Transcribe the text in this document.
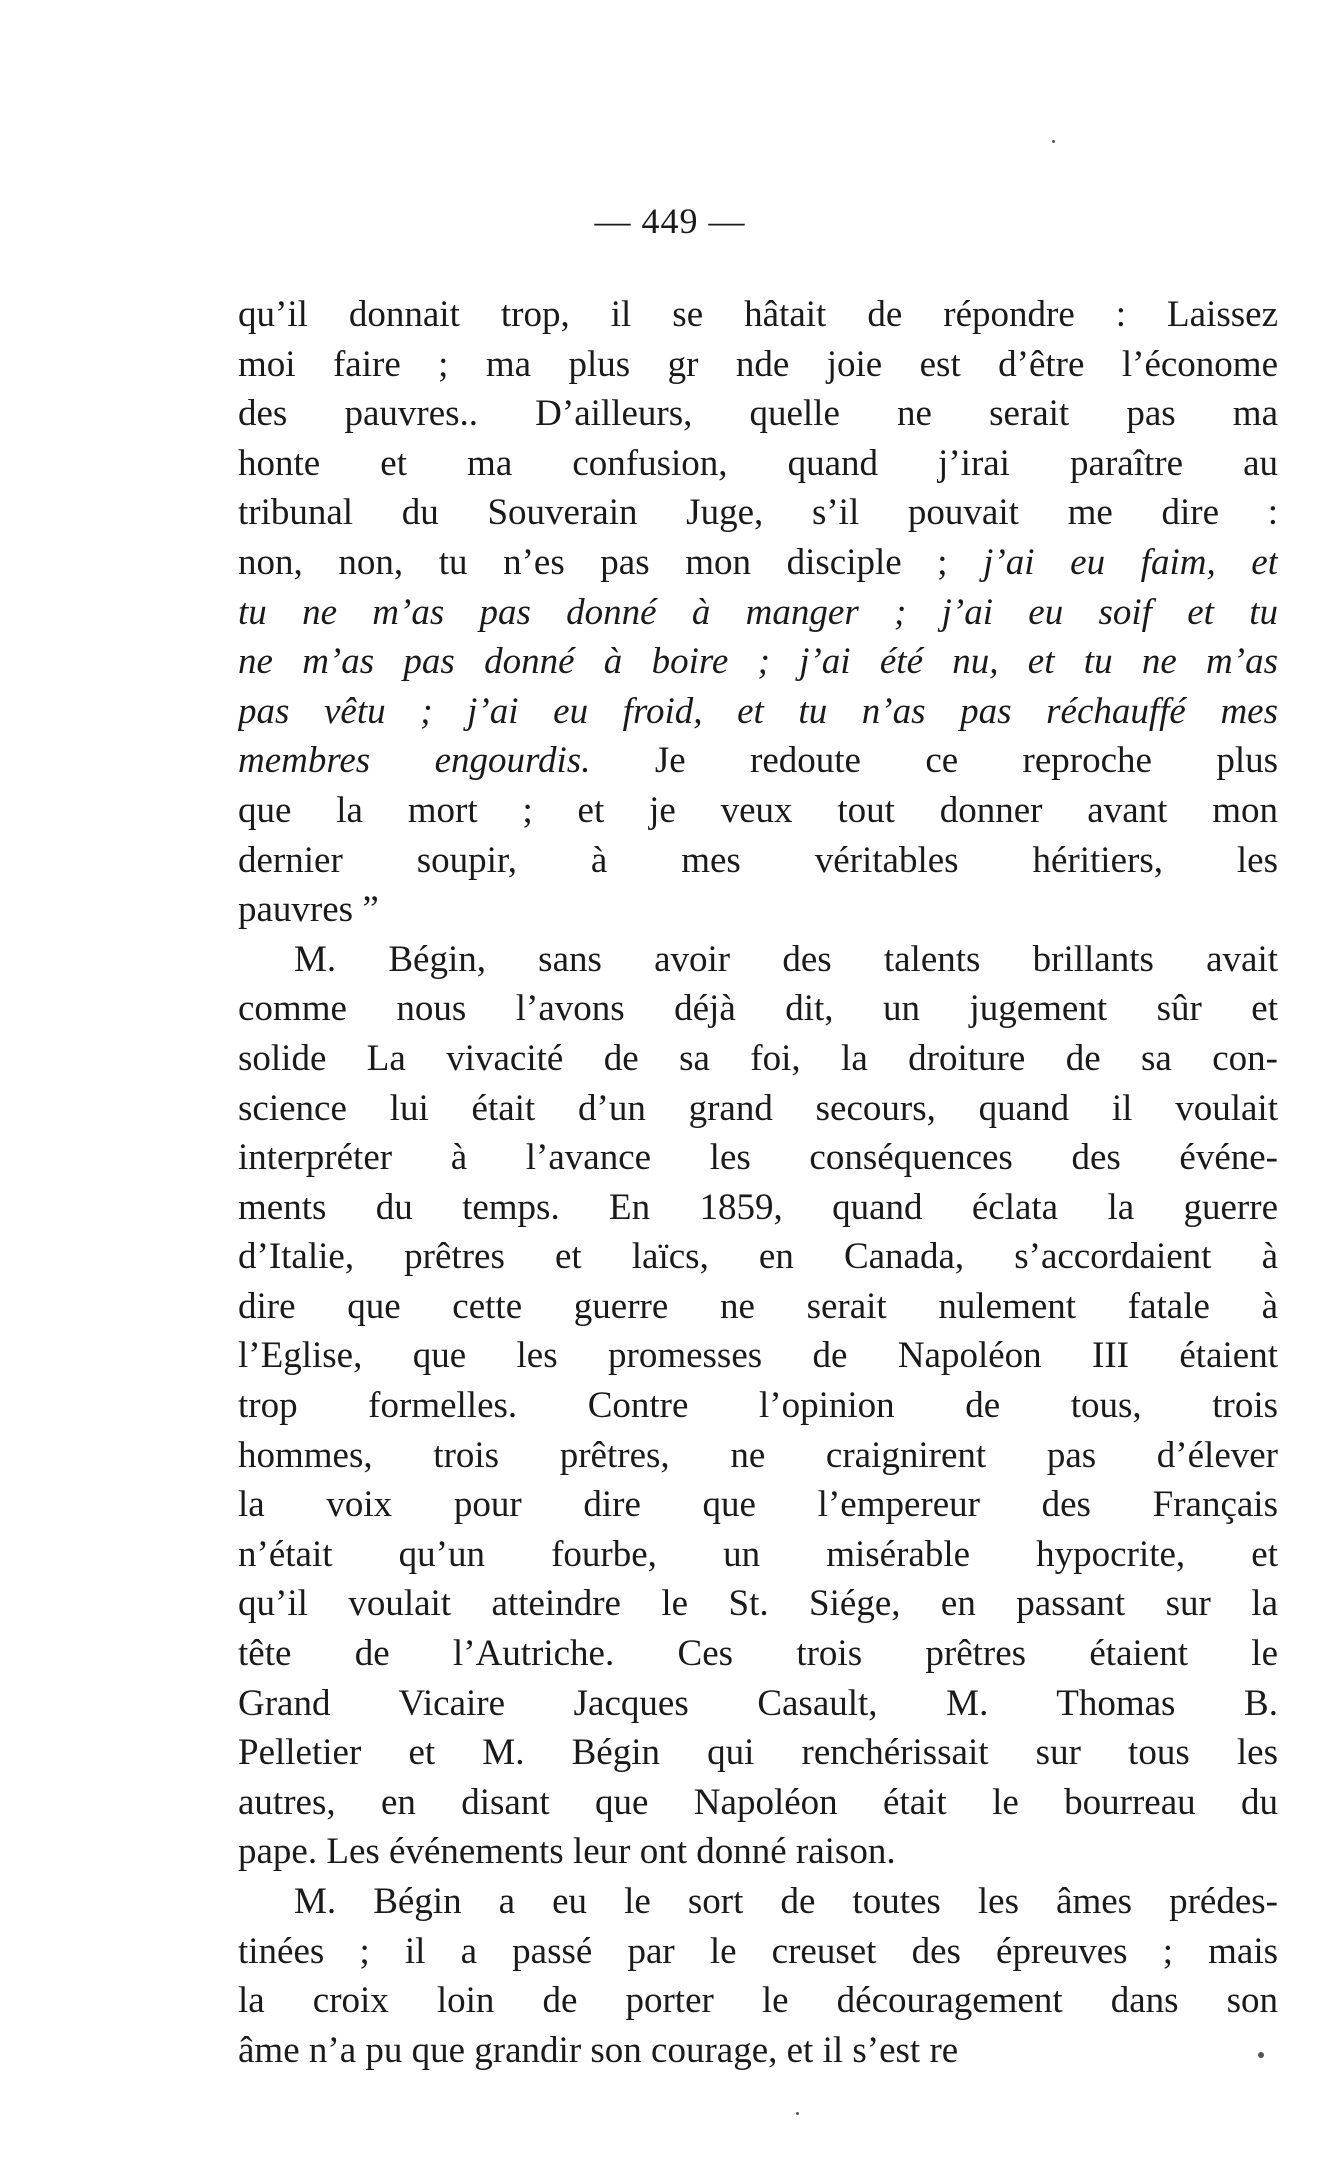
— 449 —
qu’il donnait trop, il se hâtait de répondre : Laissez
moi faire ; ma plus gr nde joie est d’être l’économe
des pauvres.. D’ailleurs, quelle ne serait pas ma
honte et ma confusion, quand j’irai paraître au
tribunal du Souverain Juge, s’il pouvait me dire :
non, non, tu n’es pas mon disciple ; j’ai eu faim, et
tu ne m’as pas donné à manger ; j’ai eu soif et tu
ne m’as pas donné à boire ; j’ai été nu, et tu ne m’as
pas vêtu ; j’ai eu froid, et tu n’as pas réchauffé mes
membres engourdis. Je redoute ce reproche plus
que la mort ; et je veux tout donner avant mon
dernier soupir, à mes véritables héritiers, les
pauvres ”
M. Bégin, sans avoir des talents brillants avait
comme nous l’avons déjà dit, un jugement sûr et
solide La vivacité de sa foi, la droiture de sa con-
science lui était d’un grand secours, quand il voulait
interpréter à l’avance les conséquences des événe-
ments du temps. En 1859, quand éclata la guerre
d’Italie, prêtres et laïcs, en Canada, s’accordaient à
dire que cette guerre ne serait nulement fatale à
l’Eglise, que les promesses de Napoléon III étaient
trop formelles. Contre l’opinion de tous, trois
hommes, trois prêtres, ne craignirent pas d’élever
la voix pour dire que l’empereur des Français
n’était qu’un fourbe, un misérable hypocrite, et
qu’il voulait atteindre le St. Siége, en passant sur la
tête de l’Autriche. Ces trois prêtres étaient le
Grand Vicaire Jacques Casault, M. Thomas B.
Pelletier et M. Bégin qui renchérissait sur tous les
autres, en disant que Napoléon était le bourreau du
pape. Les événements leur ont donné raison.
M. Bégin a eu le sort de toutes les âmes prédes-
tinées ; il a passé par le creuset des épreuves ; mais
la croix loin de porter le découragement dans son
âme n’a pu que grandir son courage, et il s’est re
